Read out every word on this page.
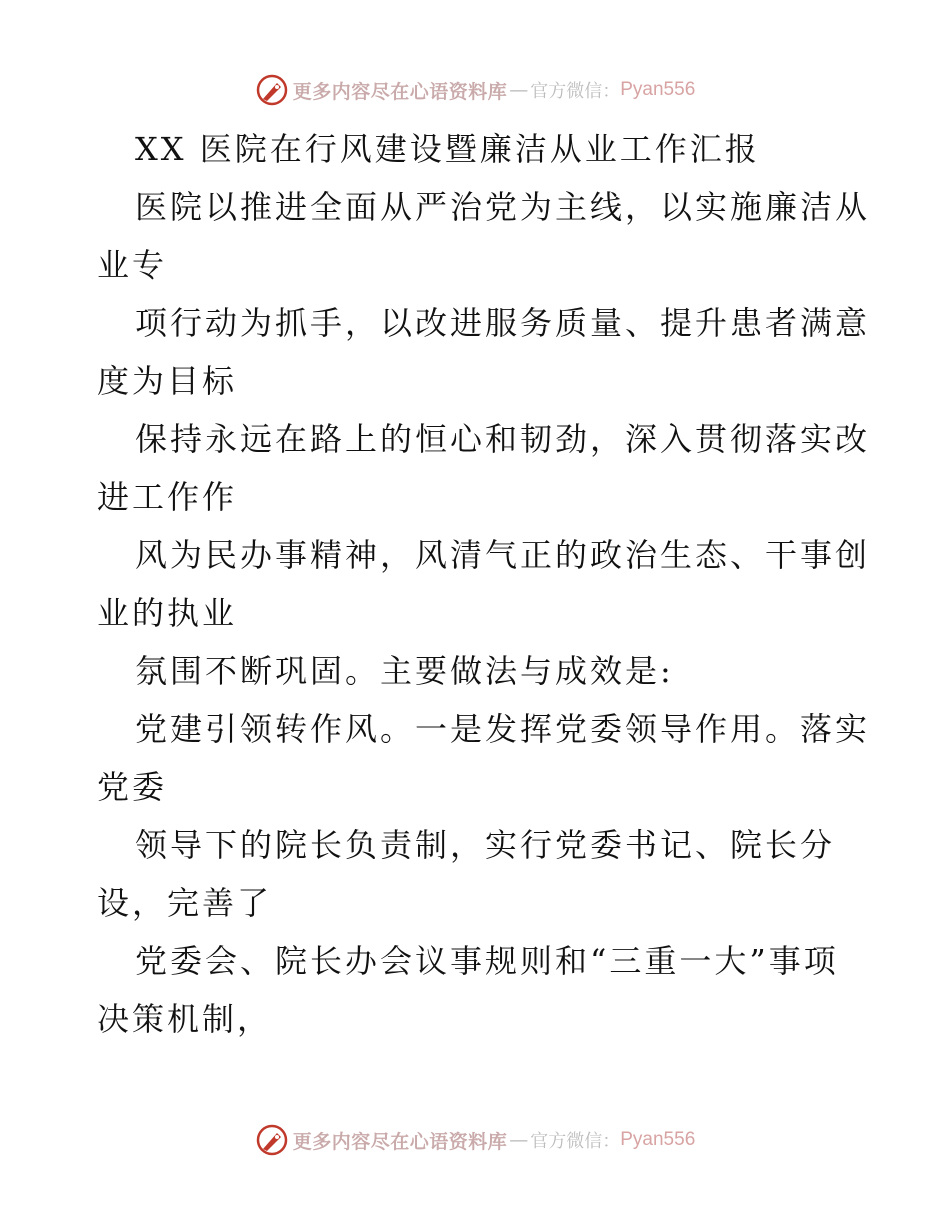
更多内容尽在心语资料库 — 官方微信： Pyan556
XX 医院在行风建设暨廉洁从业工作汇报
医院以推进全面从严治党为主线，以实施廉洁从
业专
项行动为抓手，以改进服务质量、提升患者满意
度为目标
保持永远在路上的恒心和韧劲，深入贯彻落实改
进工作作
风为民办事精神，风清气正的政治生态、干事创
业的执业
氛围不断巩固。主要做法与成效是:
党建引领转作风。一是发挥党委领导作用。落实
党委
领导下的院长负责制，实行党委书记、院长分
设，完善了
党委会、院长办会议事规则和“三重一大”事项
决策机制，
更多内容尽在心语资料库 — 官方微信： Pyan556
